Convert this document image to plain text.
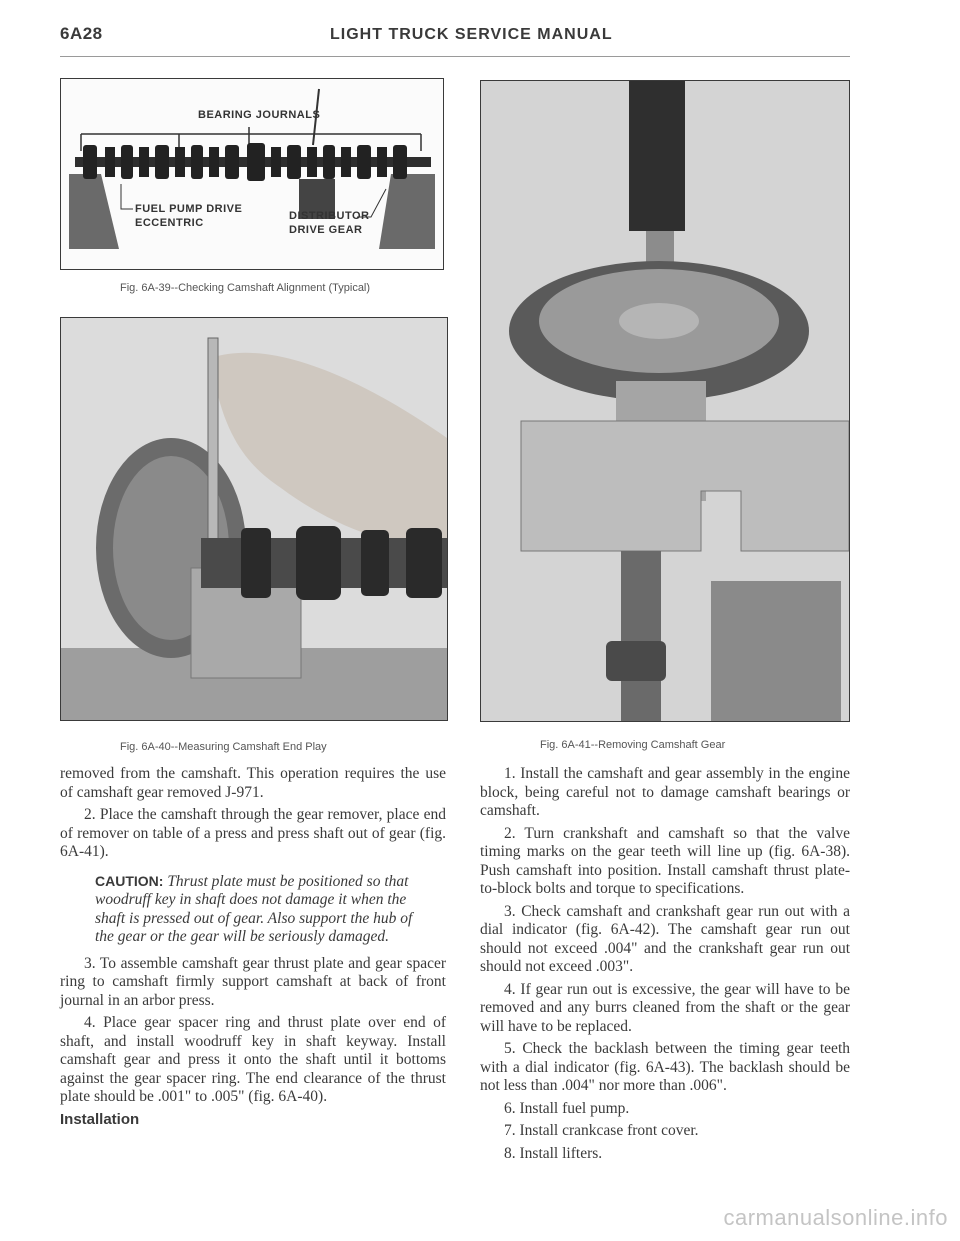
6A28	LIGHT TRUCK SERVICE MANUAL
BEARING JOURNALS
FUEL PUMP DRIVE
ECCENTRIC
DISTRIBUTOR
DRIVE GEAR
Fig. 6A-39--Checking Camshaft Alignment (Typical)
Fig. 6A-40--Measuring Camshaft End Play	Fig. 6A-41--Removing Camshaft Gear

removed from the camshaft. This operation requires the use of camshaft gear removed J-971.

2. Place the camshaft through the gear remover, place end of remover on table of a press and press shaft out of gear (fig. 6A-41).

CAUTION: Thrust plate must be positioned so that woodruff key in shaft does not damage it when the shaft is pressed out of gear. Also support the hub of the gear or the gear will be seriously damaged.

3. To assemble camshaft gear thrust plate and gear spacer ring to camshaft firmly support camshaft at back of front journal in an arbor press.

4. Place gear spacer ring and thrust plate over end of shaft, and install woodruff key in shaft keyway. Install camshaft gear and press it onto the shaft until it bottoms against the gear spacer ring. The end clearance of the thrust plate should be .001" to .005" (fig. 6A-40).

Installation

1. Install the camshaft and gear assembly in the engine block, being careful not to damage camshaft bearings or camshaft.

2. Turn crankshaft and camshaft so that the valve timing marks on the gear teeth will line up (fig. 6A-38). Push camshaft into position. Install camshaft thrust plate-to-block bolts and torque to specifications.

3. Check camshaft and crankshaft gear run out with a dial indicator (fig. 6A-42). The camshaft gear run out should not exceed .004" and the crankshaft gear run out should not exceed .003".

4. If gear run out is excessive, the gear will have to be removed and any burrs cleaned from the shaft or the gear will have to be replaced.

5. Check the backlash between the timing gear teeth with a dial indicator (fig. 6A-43). The backlash should be not less than .004" nor more than .006".

6. Install fuel pump.

7. Install crankcase front cover.

8. Install lifters.

carmanualsonline.info
